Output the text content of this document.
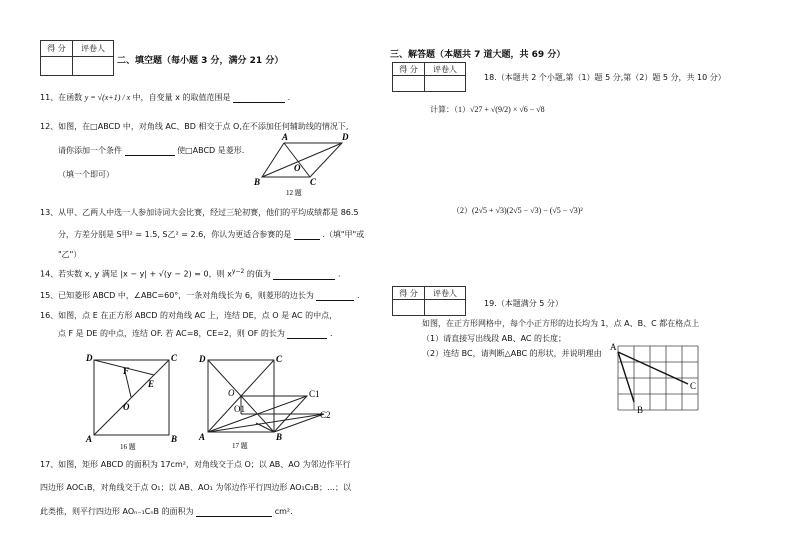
得 分	评卷人

二、填空题（每小题 3 分，满分 21 分）
11、在函数 y = √(x+1) / x 中，自变量 x 的取值范围是	.
12、如图，在□ABCD 中，对角线 AC、BD 相交于点 O,在不添加任何辅助线的情况下,
请你添加一个条件	使□ABCD 是菱形.
（填一个即可）
A	D
O
B	C
12 题
13、从甲、乙两人中选一人参加诗词大会比赛，经过三轮初赛，他们的平均成绩都是 86.5
分，方差分别是 S甲² = 1.5, S乙² = 2.6，你认为更适合参赛的是	.（填"甲"或
"乙"）
14、若实数 x, y 满足 |x − y| + √(y − 2) = 0，则 $x^{y-2}$ 的值为	.
15、已知菱形 ABCD 中，∠ABC=60°，一条对角线长为 6，则菱形的边长为	.
16、如图，点 E 在正方形 ABCD 的对角线 AC 上，连结 DE，点 O 是 AC 的中点，
点 F 是 DE 的中点，连结 OF. 若 AC=8，CE=2，则 OF 的长为	.
D	C
F
E
O
A	B
16 题
D	C
C1
O
O1
C2
A	B
17 题
17、如图，矩形 ABCD 的面积为 17cm²，对角线交于点 O；以 AB、AO 为邻边作平行
四边形 AOC₁B，对角线交于点 O₁；以 AB、AO₁ 为邻边作平行四边形 AO₁C₂B；…；以
此类推，则平行四边形 AOₙ₋₁CₙB 的面积为	cm².
三、解答题（本题共 7 道大题，共 69 分）
得 分	评卷人

18.（本题共 2 个小题,第（1）题 5 分,第（2）题 5 分，共 10 分）
计算：（1）√27 + √(9/2) × √6 − √8
（2）(2√5 + √3)(2√5 − √3) − (√5 − √3)²
得 分	评卷人

19.（本题满分 5 分）
如图，在正方形网格中，每个小正方形的边长均为 1，点 A、B、C 都在格点上
（1）请直接写出线段 AB、AC 的长度；
（2）连结 BC，请判断△ABC 的形状，并说明理由
A
B
C
